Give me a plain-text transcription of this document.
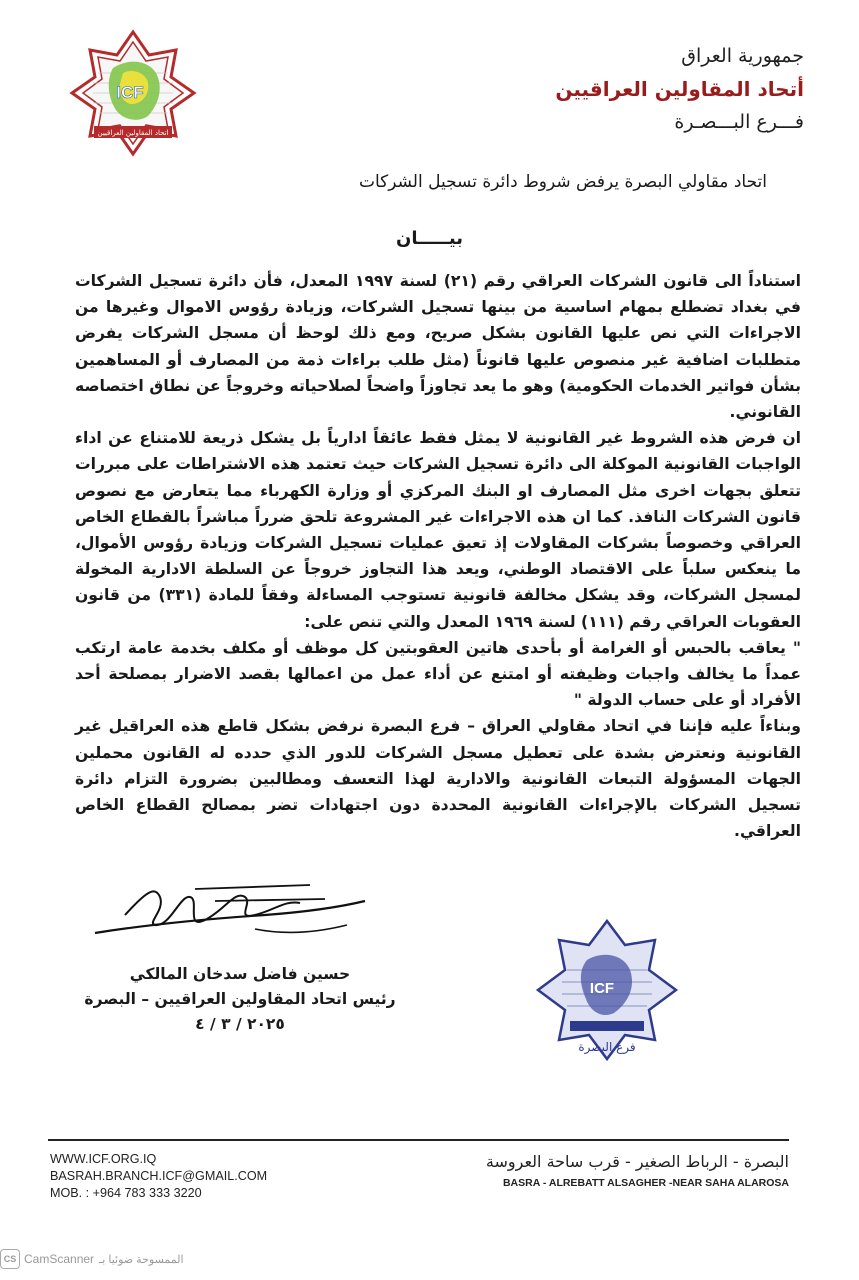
ICF
اتحاد المقاولين العراقيين
جمهورية العراق
أتحاد المقاولين العراقيين
فـــرع البـــصـرة
اتحاد مقاولي البصرة يرفض شروط دائرة تسجيل الشركات
بيـــــان

استناداً الى قانون الشركات العراقي رقم (٢١) لسنة ١٩٩٧ المعدل، فأن دائرة تسجيل الشركات في بغداد تضطلع بمهام اساسية من بينها تسجيل الشركات، وزيادة رؤوس الاموال وغيرها من الاجراءات التي نص عليها القانون بشكل صريح، ومع ذلك لوحظ أن مسجل الشركات يفرض متطلبات اضافية غير منصوص عليها قانوناً (مثل طلب براءات ذمة من المصارف أو المساهمين بشأن فواتير الخدمات الحكومية) وهو ما يعد تجاوزاً واضحاً لصلاحياته وخروجاً عن نطاق اختصاصه القانوني.

ان فرض هذه الشروط غير القانونية لا يمثل فقط عائقاً ادارياً بل يشكل ذريعة للامتناع عن اداء الواجبات القانونية الموكلة الى دائرة تسجيل الشركات حيث تعتمد هذه الاشتراطات على مبررات تتعلق بجهات اخرى مثل المصارف او البنك المركزي أو وزارة الكهرباء مما يتعارض مع نصوص قانون الشركات النافذ. كما ان هذه الاجراءات غير المشروعة تلحق ضرراً مباشراً بالقطاع الخاص العراقي وخصوصاً بشركات المقاولات إذ تعيق عمليات تسجيل الشركات وزيادة رؤوس الأموال، ما ينعكس سلباً على الاقتصاد الوطني، ويعد هذا التجاوز خروجاً عن السلطة الادارية المخولة لمسجل الشركات، وقد يشكل مخالفة قانونية تستوجب المساءلة وفقاً للمادة (٣٣١) من قانون العقوبات العراقي رقم (١١١) لسنة ١٩٦٩ المعدل والتي تنص على:

" يعاقب بالحبس أو الغرامة أو بأحدى هاتين العقوبتين كل موظف أو مكلف بخدمة عامة ارتكب عمداً ما يخالف واجبات وظيفته أو امتنع عن أداء عمل من اعمالها بقصد الاضرار بمصلحة أحد الأفراد أو على حساب الدولة "

وبناءاً عليه فإننا في اتحاد مقاولي العراق – فرع البصرة نرفض بشكل قاطع هذه العراقيل غير القانونية ونعترض بشدة على تعطيل مسجل الشركات للدور الذي حدده له القانون محملين الجهات المسؤولة التبعات القانونية والادارية لهذا التعسف ومطالبين بضرورة التزام دائرة تسجيل الشركات بالإجراءات القانونية المحددة دون اجتهادات تضر بمصالح القطاع الخاص العراقي.

حسين فاضل سدخان المالكي
رئيس اتحاد المقاولين العراقيين – البصرة
٢٠٢٥ / ٣ / ٤
ICF
فرع البصرة
WWW.ICF.ORG.IQ
BASRAH.BRANCH.ICF@GMAIL.COM
MOB. : +964 783 333 3220
البصرة - الرباط الصغير - قرب ساحة العروسة
BASRA - ALREBATT ALSAGHER -NEAR SAHA ALAROSA
CS CamScanner الممسوحة ضوئيا بـ
